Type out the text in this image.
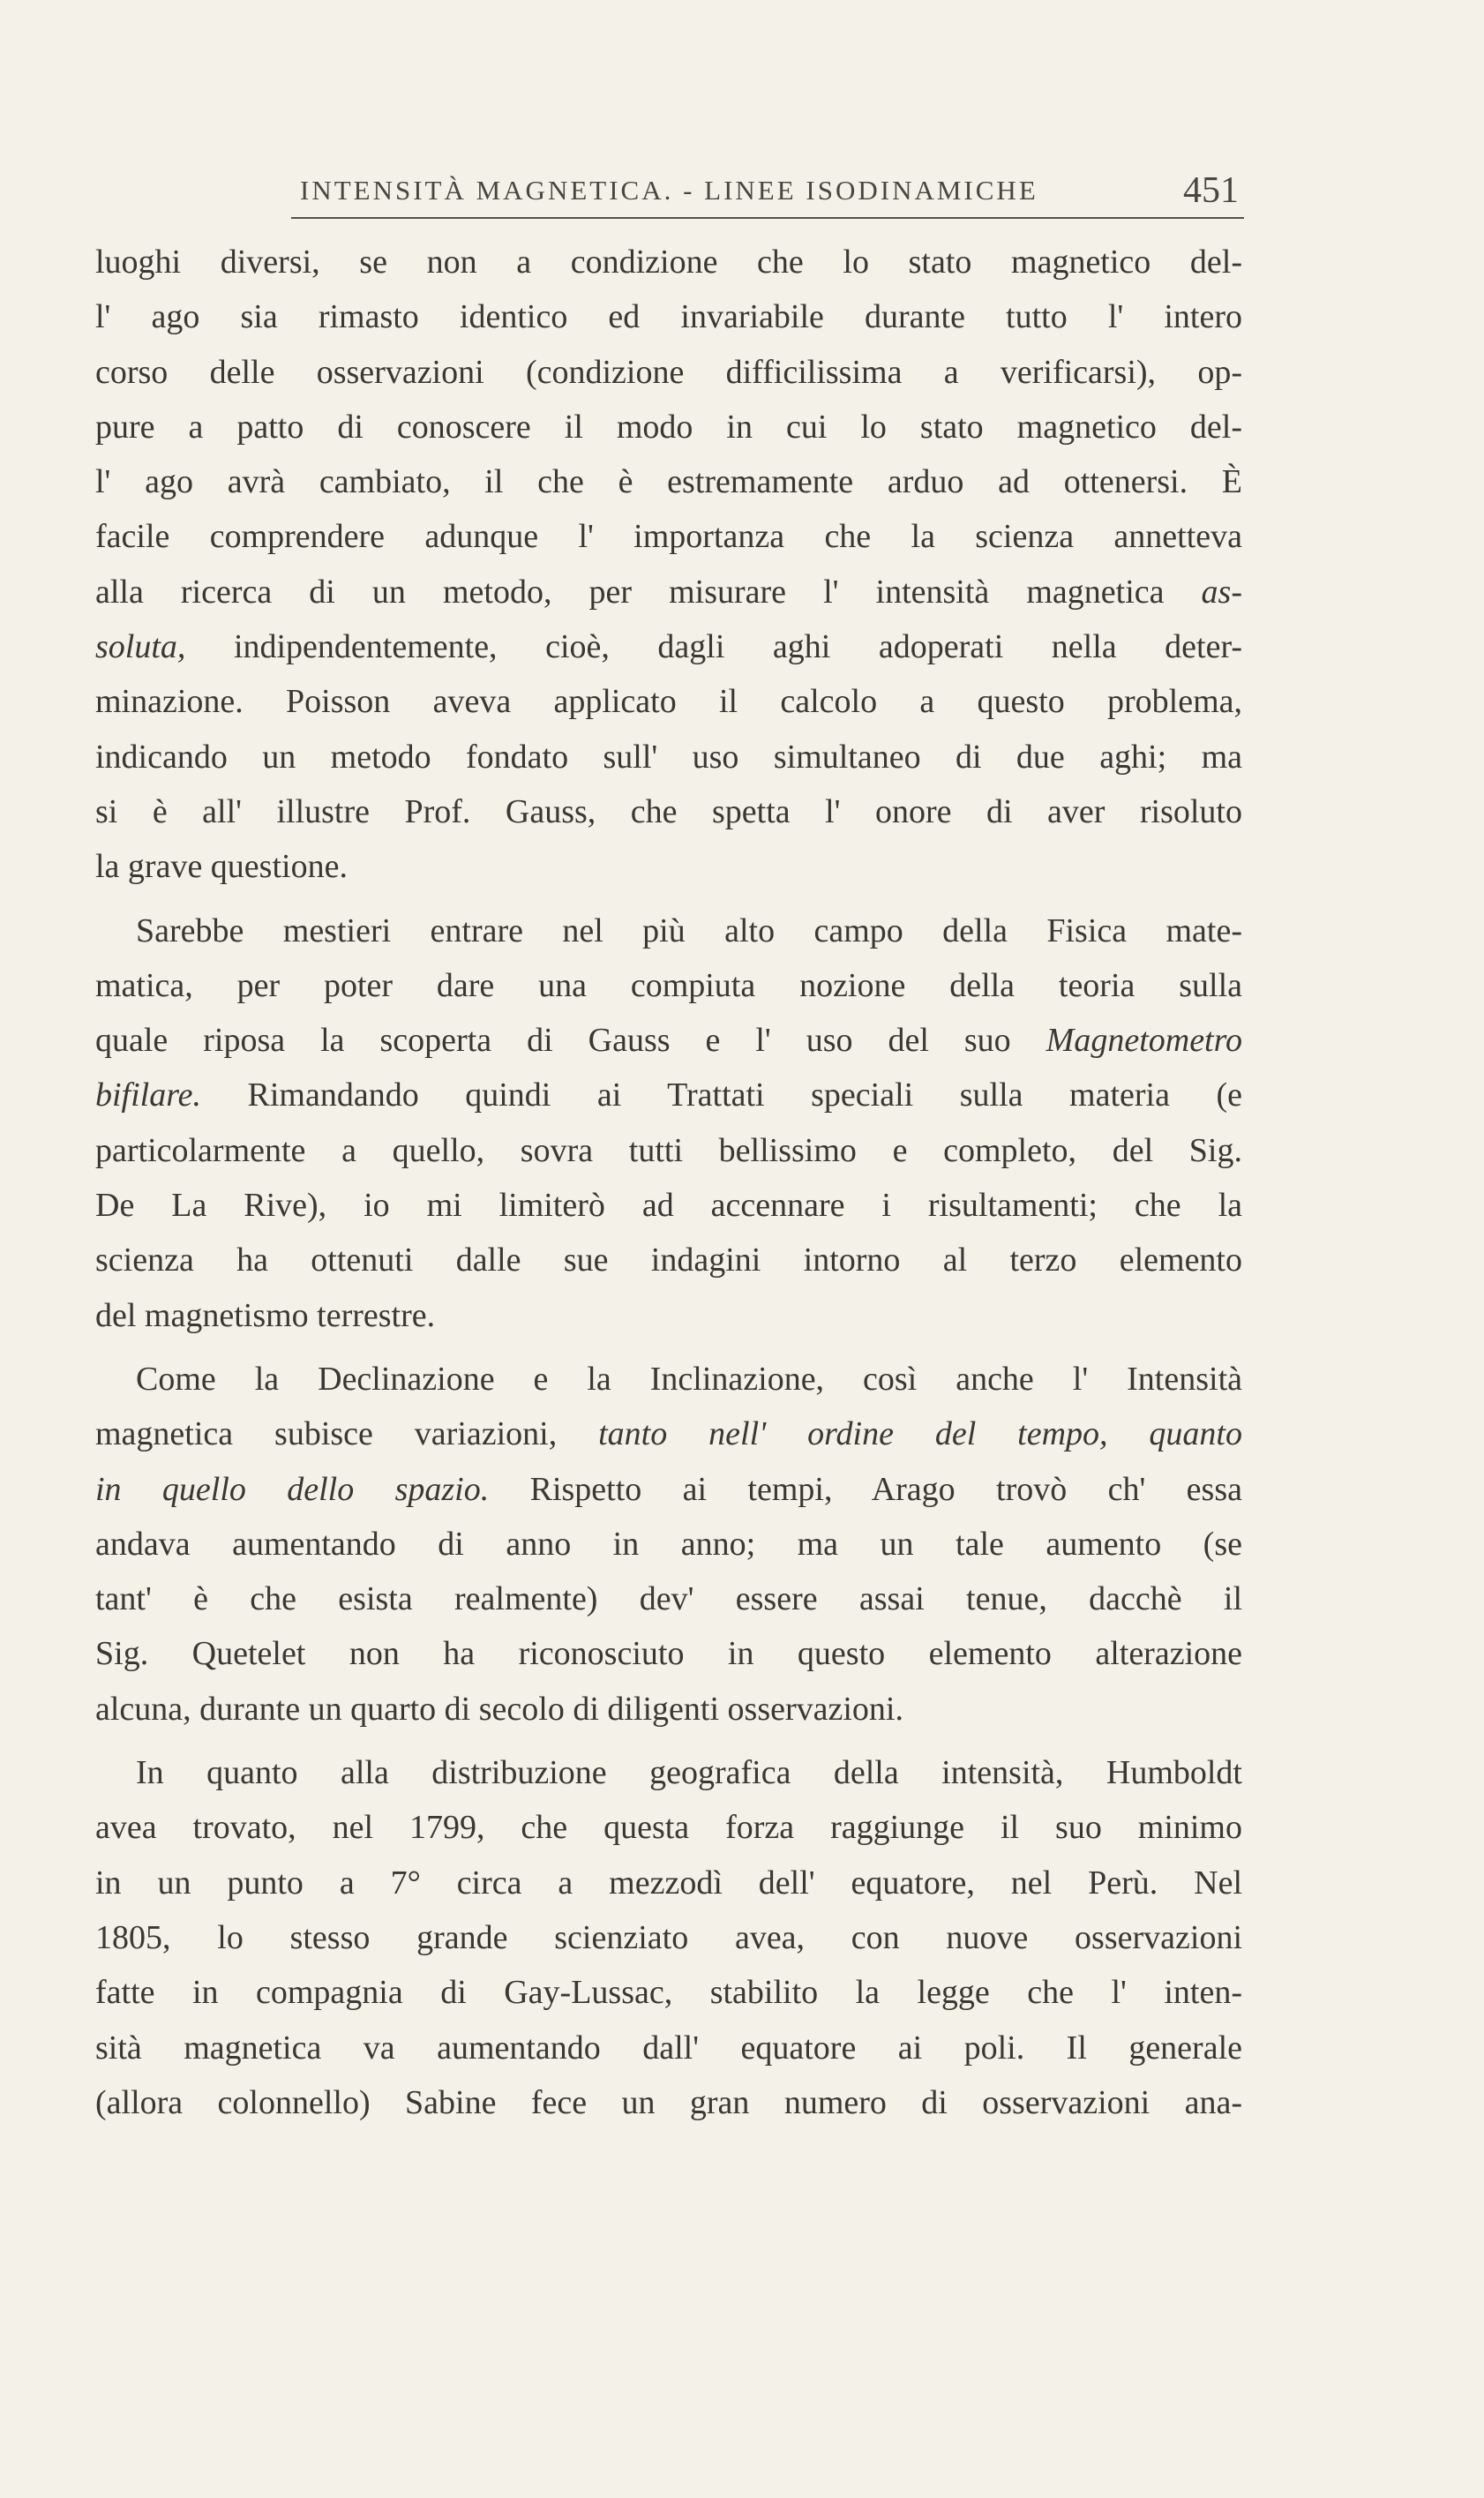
INTENSITÀ MAGNETICA. - LINEE ISODINAMICHE	451
luoghi diversi, se non a condizione che lo stato magnetico del-
l' ago sia rimasto identico ed invariabile durante tutto l' intero
corso delle osservazioni (condizione difficilissima a verificarsi), op-
pure a patto di conoscere il modo in cui lo stato magnetico del-
l' ago avrà cambiato, il che è estremamente arduo ad ottenersi. È
facile comprendere adunque l' importanza che la scienza annetteva
alla ricerca di un metodo, per misurare l' intensità magnetica as-
soluta, indipendentemente, cioè, dagli aghi adoperati nella deter-
minazione. Poisson aveva applicato il calcolo a questo problema,
indicando un metodo fondato sull' uso simultaneo di due aghi; ma
si è all' illustre Prof. Gauss, che spetta l' onore di aver risoluto
la grave questione.
Sarebbe mestieri entrare nel più alto campo della Fisica mate-
matica, per poter dare una compiuta nozione della teoria sulla
quale riposa la scoperta di Gauss e l' uso del suo Magnetometro
bifilare. Rimandando quindi ai Trattati speciali sulla materia (e
particolarmente a quello, sovra tutti bellissimo e completo, del Sig.
De La Rive), io mi limiterò ad accennare i risultamenti; che la
scienza ha ottenuti dalle sue indagini intorno al terzo elemento
del magnetismo terrestre.
Come la Declinazione e la Inclinazione, così anche l' Intensità
magnetica subisce variazioni, tanto nell' ordine del tempo, quanto
in quello dello spazio. Rispetto ai tempi, Arago trovò ch' essa
andava aumentando di anno in anno; ma un tale aumento (se
tant' è che esista realmente) dev' essere assai tenue, dacchè il
Sig. Quetelet non ha riconosciuto in questo elemento alterazione
alcuna, durante un quarto di secolo di diligenti osservazioni.
In quanto alla distribuzione geografica della intensità, Humboldt
avea trovato, nel 1799, che questa forza raggiunge il suo minimo
in un punto a 7° circa a mezzodì dell' equatore, nel Perù. Nel
1805, lo stesso grande scienziato avea, con nuove osservazioni
fatte in compagnia di Gay-Lussac, stabilito la legge che l' inten-
sità magnetica va aumentando dall' equatore ai poli. Il generale
(allora colonnello) Sabine fece un gran numero di osservazioni ana-
